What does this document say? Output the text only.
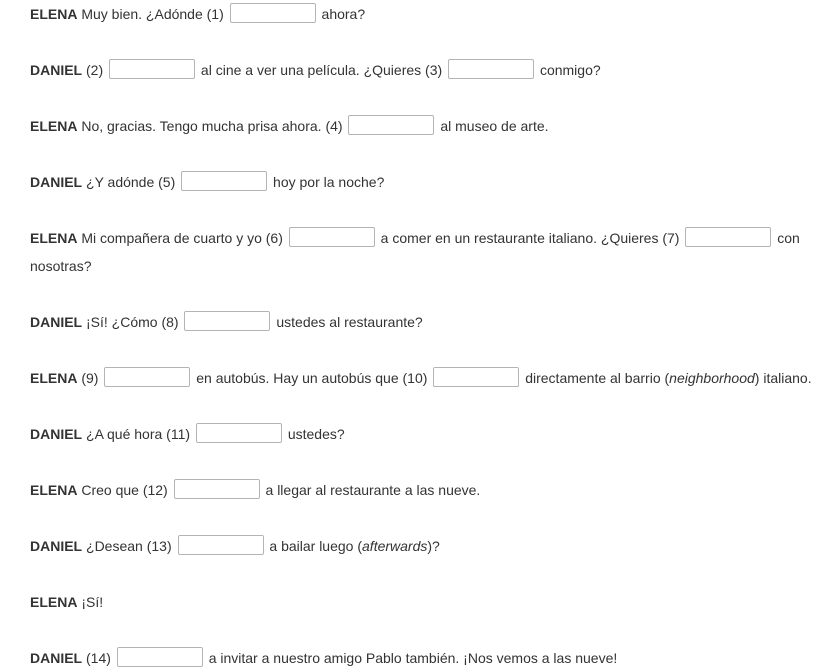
ELENA Muy bien. ¿Adónde (1)	ahora?
DANIEL (2)	al cine a ver una película. ¿Quieres (3)	conmigo?
ELENA No, gracias. Tengo mucha prisa ahora. (4)	al museo de arte.
DANIEL ¿Y adónde (5)	hoy por la noche?
ELENA Mi compañera de cuarto y yo (6)	a comer en un restaurante italiano. ¿Quieres (7)	con nosotras?
DANIEL ¡Sí! ¿Cómo (8)	ustedes al restaurante?
ELENA (9)	en autobús. Hay un autobús que (10)	directamente al barrio (neighborhood) italiano.
DANIEL ¿A qué hora (11)	ustedes?
ELENA Creo que (12)	a llegar al restaurante a las nueve.
DANIEL ¿Desean (13)	a bailar luego (afterwards)?
ELENA ¡Sí!
DANIEL (14)	a invitar a nuestro amigo Pablo también. ¡Nos vemos a las nueve!
